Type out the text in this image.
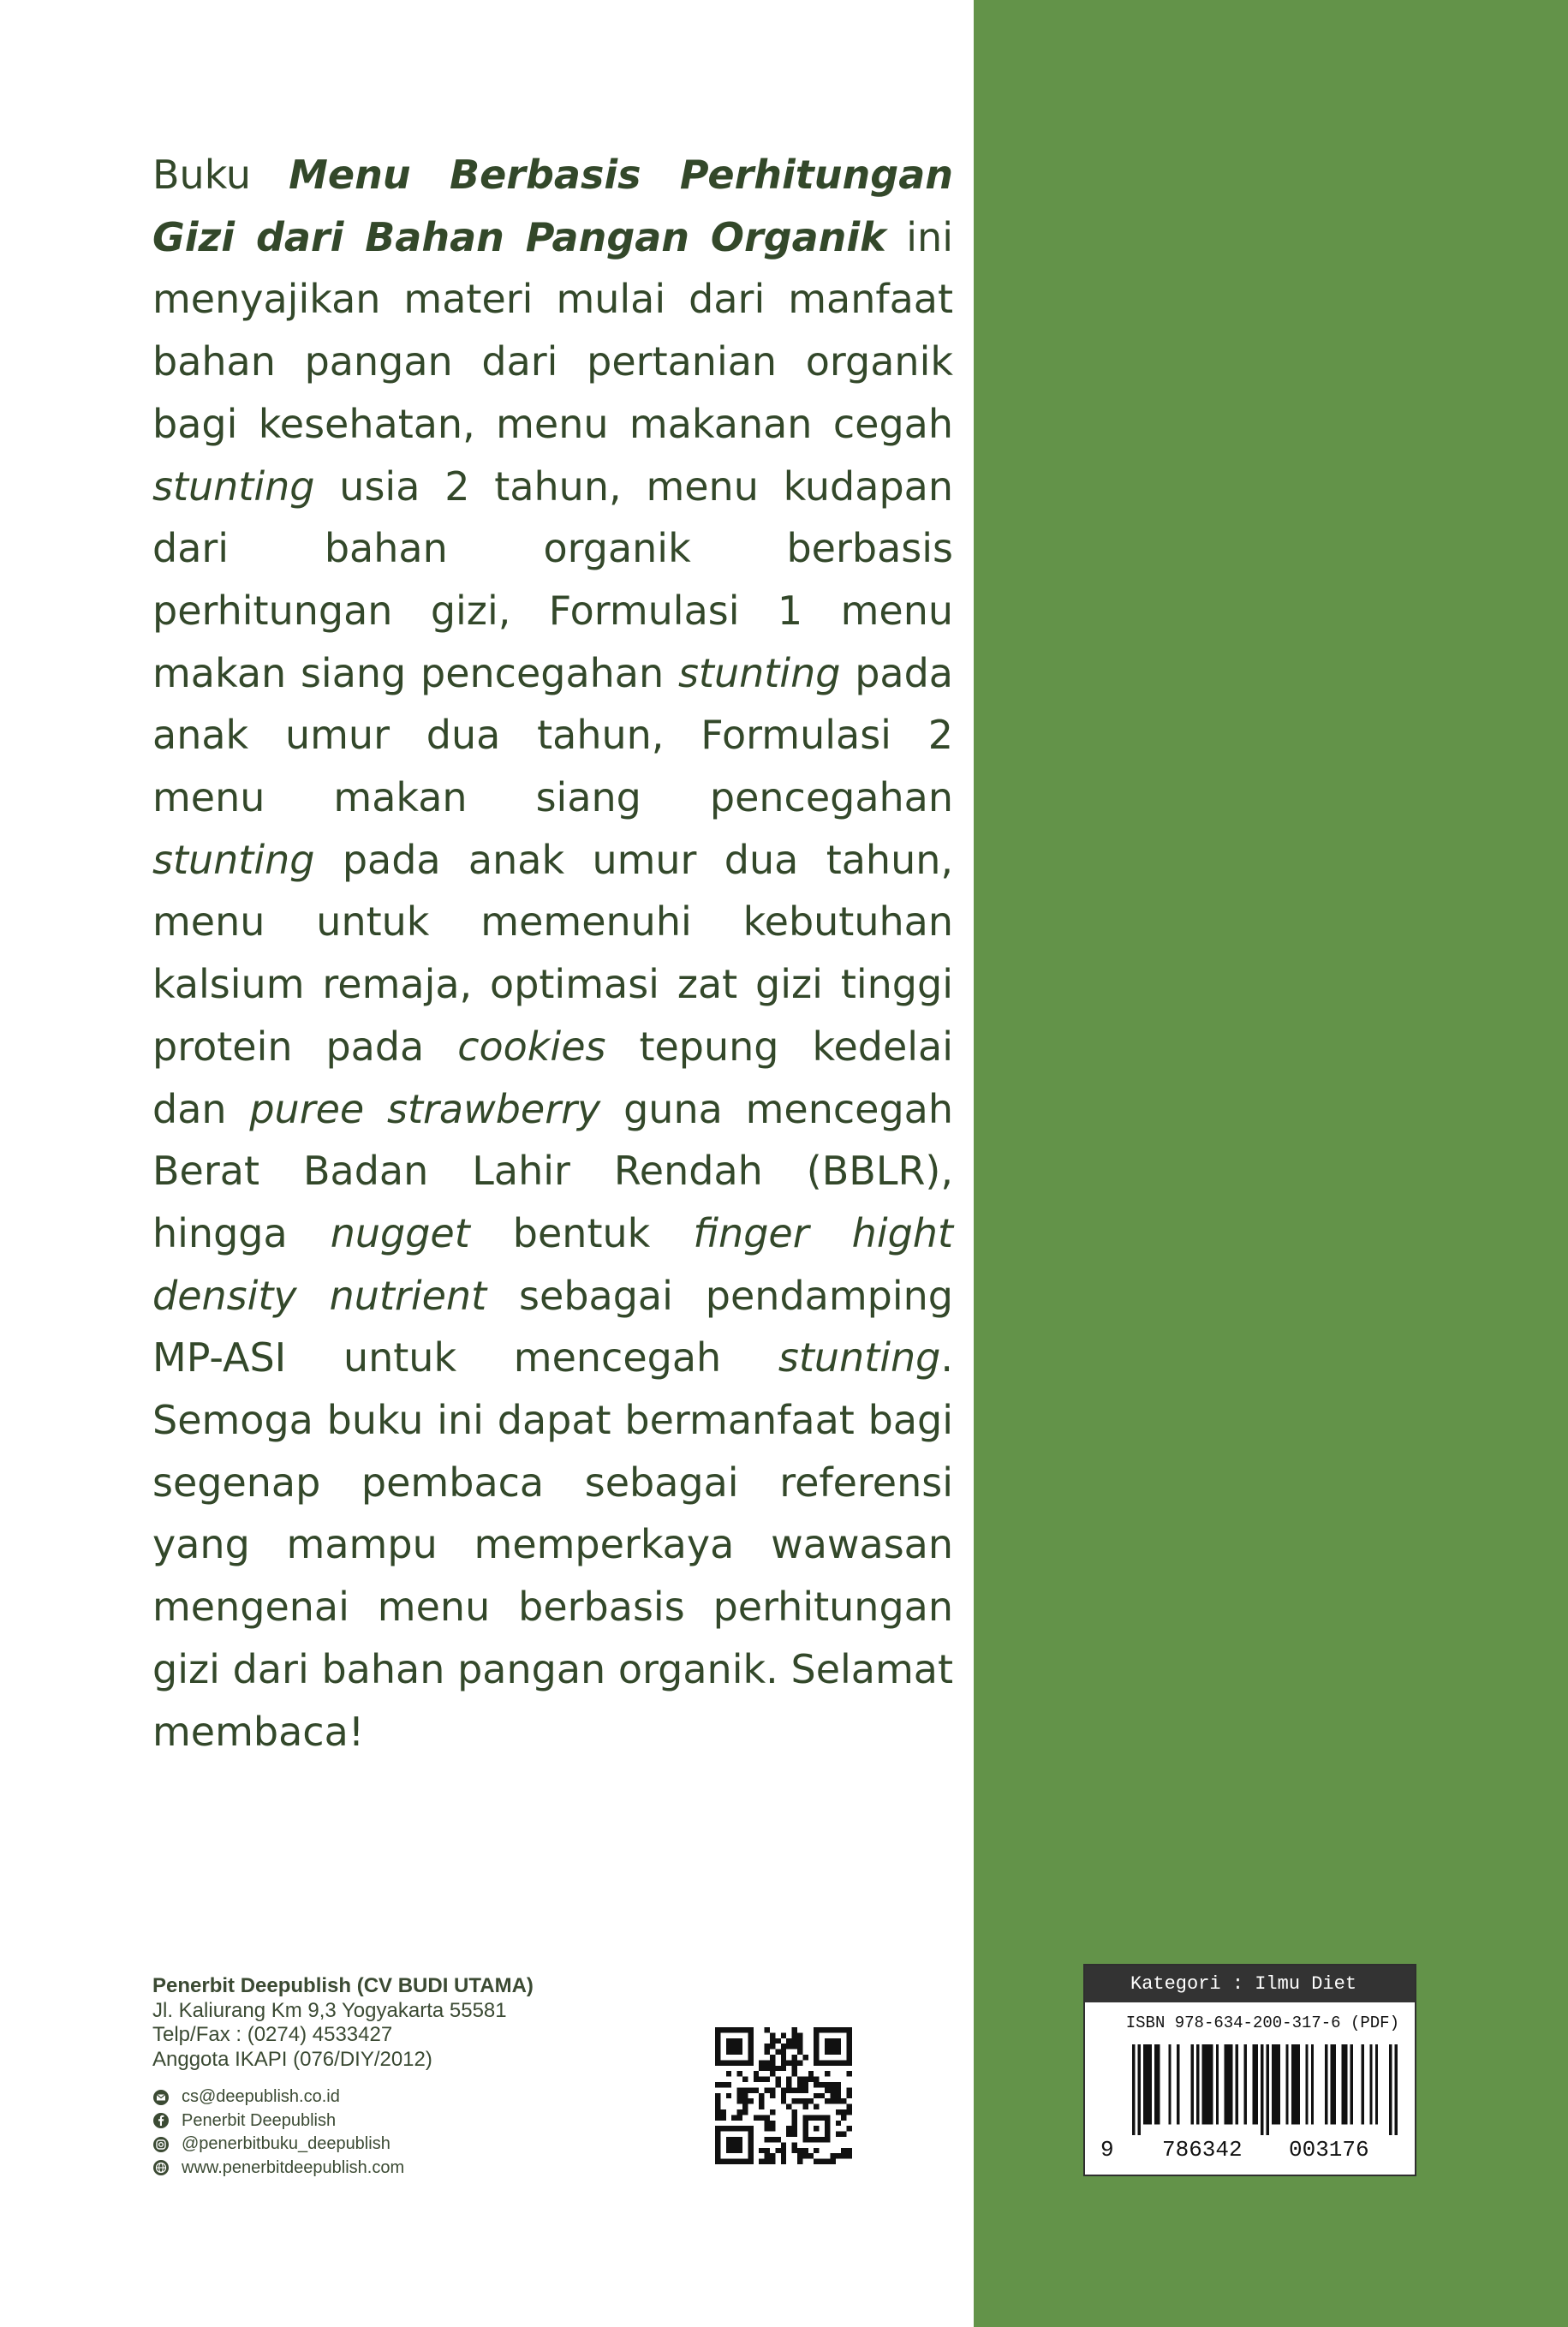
Buku Menu Berbasis Perhitungan Gizi dari Bahan Pangan Organik ini menyajikan materi mulai dari manfaat bahan pangan dari pertanian organik bagi kesehatan, menu makanan cegah stunting usia 2 tahun, menu kudapan dari bahan organik berbasis perhitungan gizi, Formulasi 1 menu makan siang pencegahan stunting pada anak umur dua tahun, Formulasi 2 menu makan siang pencegahan stunting pada anak umur dua tahun, menu untuk memenuhi kebutuhan kalsium remaja, optimasi zat gizi tinggi protein pada cookies tepung kedelai dan puree strawberry guna mencegah Berat Badan Lahir Rendah (BBLR), hingga nugget bentuk finger hight density nutrient sebagai pendamping MP-ASI untuk mencegah stunting. Semoga buku ini dapat bermanfaat bagi segenap pembaca sebagai referensi yang mampu memperkaya wawasan mengenai menu berbasis perhitungan gizi dari bahan pangan organik. Selamat membaca!
Penerbit Deepublish (CV BUDI UTAMA)
Jl. Kaliurang Km 9,3 Yogyakarta 55581
Telp/Fax : (0274) 4533427
Anggota IKAPI (076/DIY/2012)
cs@deepublish.co.id
Penerbit Deepublish
@penerbitbuku_deepublish
www.penerbitdeepublish.com
Kategori : Ilmu Diet
ISBN 978-634-200-317-6 (PDF)
9 786342 003176
